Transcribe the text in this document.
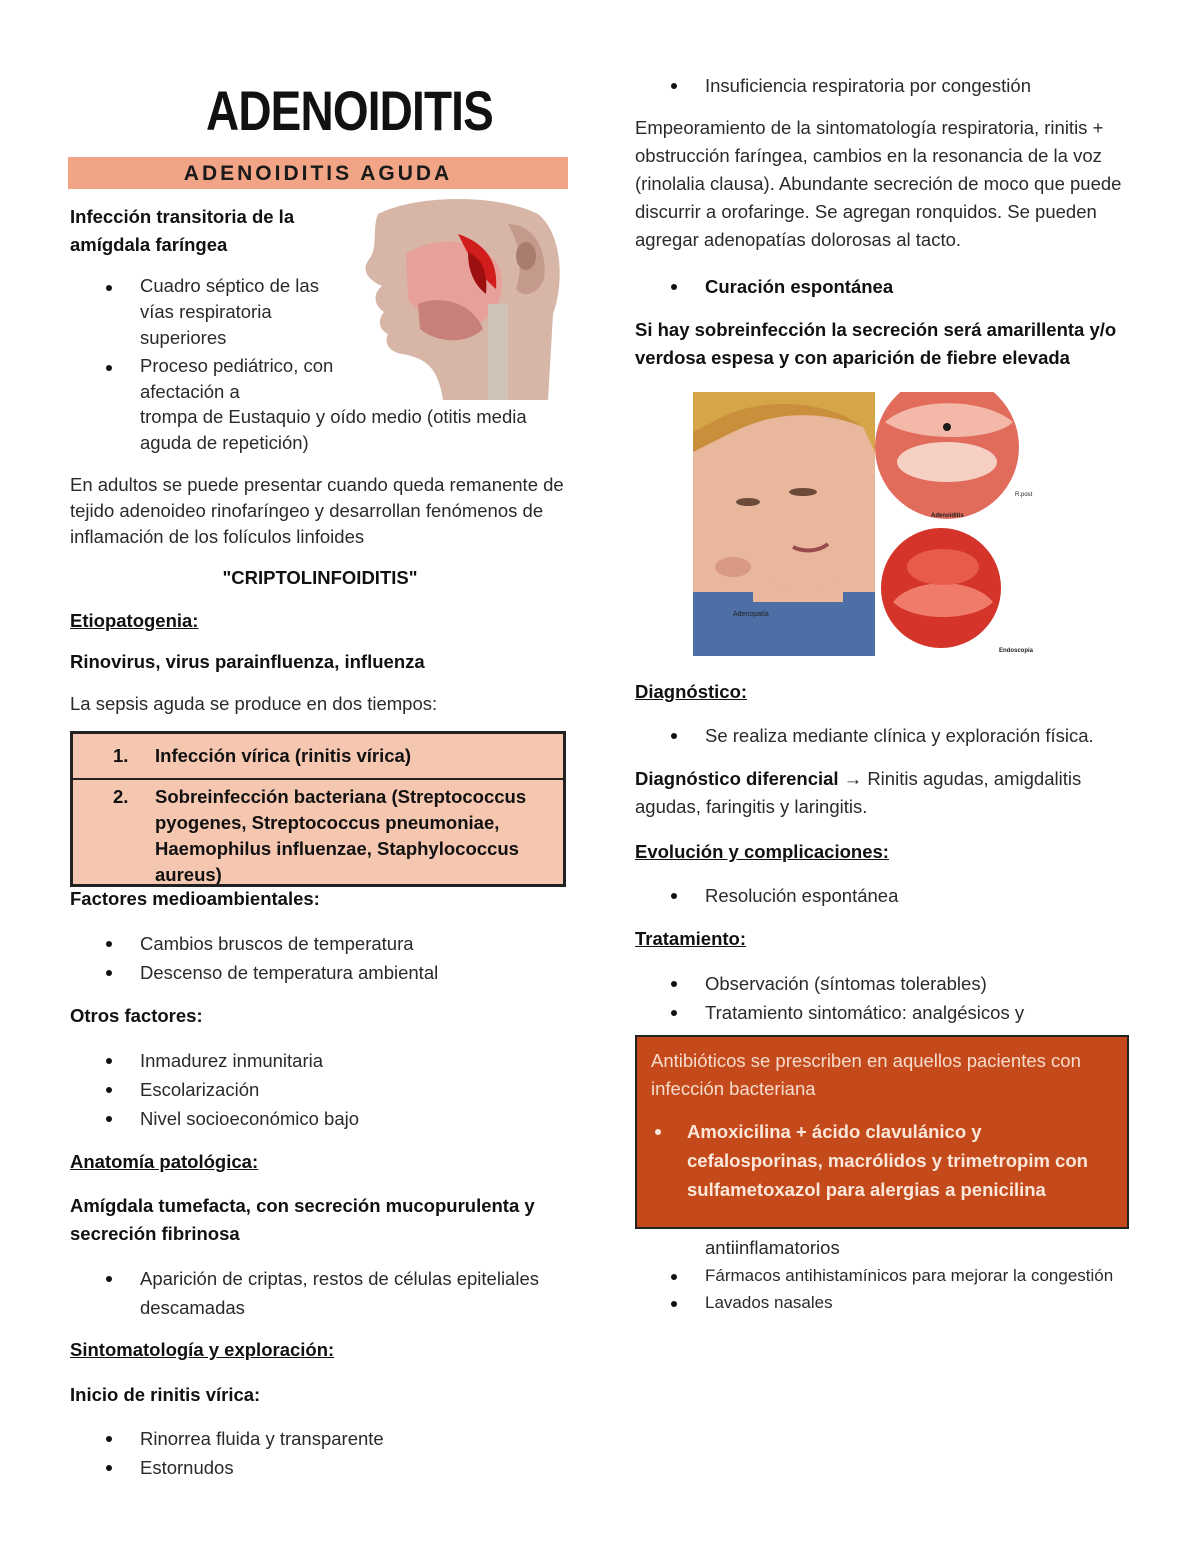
ADENOIDITIS
ADENOIDITIS AGUDA
Infección transitoria de la amígdala faríngea
Cuadro séptico de las vías respiratoria superiores
Proceso pediátrico, con afectación a
trompa de Eustaquio y oído medio (otitis media aguda de repetición)
En adultos se puede presentar cuando queda remanente de tejido adenoideo rinofaríngeo y desarrollan fenómenos de inflamación de los folículos linfoides
"CRIPTOLINFOIDITIS"
Etiopatogenia:
Rinovirus, virus parainfluenza, influenza
La sepsis aguda se produce en dos tiempos:
1.	Infección vírica (rinitis vírica)
2.	Sobreinfección bacteriana (Streptococcus pyogenes, Streptococcus pneumoniae, Haemophilus influenzae, Staphylococcus aureus)
Factores medioambientales:
Cambios bruscos de temperatura
Descenso de temperatura ambiental
Otros factores:
Inmadurez inmunitaria
Escolarización
Nivel socioeconómico bajo
Anatomía patológica:
Amígdala tumefacta, con secreción mucopurulenta y secreción fibrinosa
Aparición de criptas, restos de células epiteliales descamadas
Sintomatología y exploración:
Inicio de rinitis vírica:
Rinorrea fluida y transparente
Estornudos
Insuficiencia respiratoria por congestión
Empeoramiento de la sintomatología respiratoria, rinitis + obstrucción faríngea, cambios en la resonancia de la voz (rinolalia clausa). Abundante secreción de moco que puede discurrir a orofaringe. Se agregan ronquidos. Se pueden agregar adenopatías dolorosas al tacto.
Curación espontánea
Si hay sobreinfección la secreción será amarillenta y/o verdosa espesa y con aparición de fiebre elevada
Adenopatía
R.post
Adenoiditis
Endoscopia
Diagnóstico:
Se realiza mediante clínica y exploración física.
Diagnóstico diferencial → Rinitis agudas, amigdalitis agudas, faringitis y laringitis.
Evolución y complicaciones:
Resolución espontánea
Tratamiento:
Observación (síntomas tolerables)
Tratamiento sintomático: analgésicos y
Antibióticos se prescriben en aquellos pacientes con infección bacteriana
Amoxicilina + ácido clavulánico y cefalosporinas, macrólidos y trimetropim con sulfametoxazol para alergias a penicilina
antiinflamatorios
Fármacos antihistamínicos para mejorar la congestión
Lavados nasales
